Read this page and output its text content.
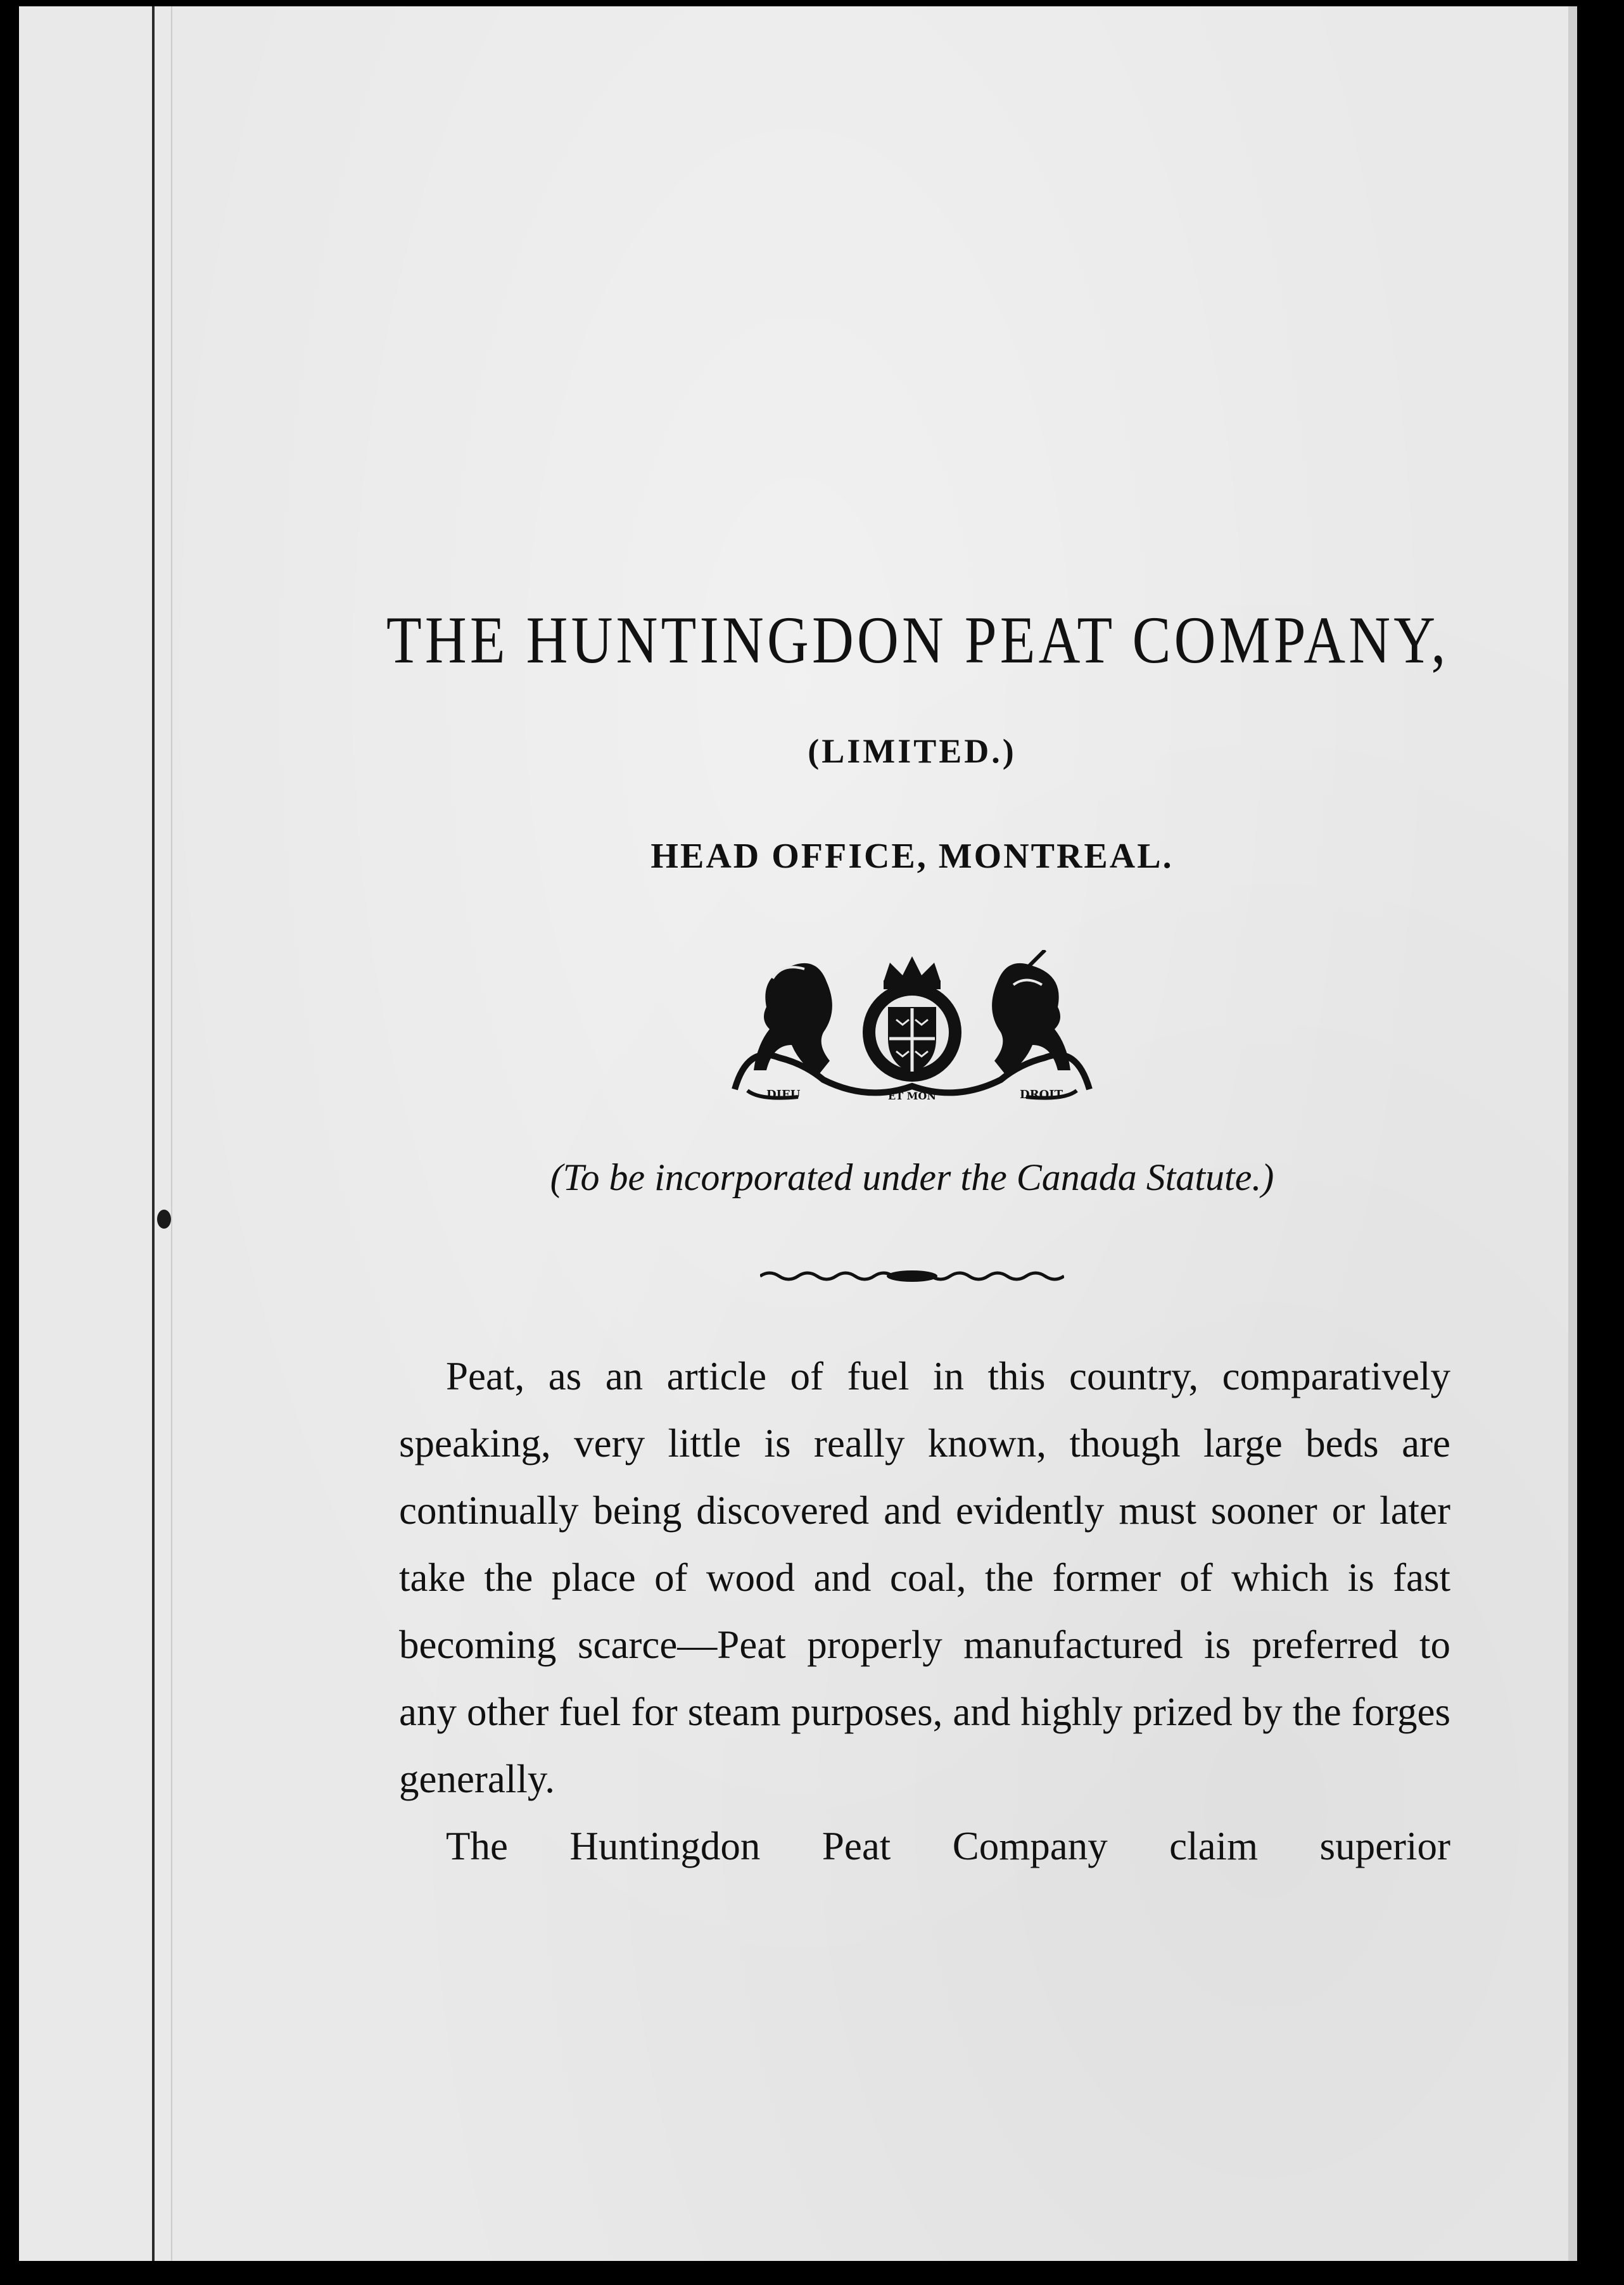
THE HUNTINGDON PEAT COMPANY,
(LIMITED.)
HEAD OFFICE, MONTREAL.
DIEU	ET MON	DROIT
(To be incorporated under the Canada Statute.)

Peat, as an article of fuel in this country, comparatively speaking, very little is really known, though large beds are continually being discovered and evidently must sooner or later take the place of wood and coal, the former of which is fast becoming scarce—Peat properly manufactured is preferred to any other fuel for steam purposes, and highly prized by the forges generally.

The Huntingdon Peat Company claim superior
